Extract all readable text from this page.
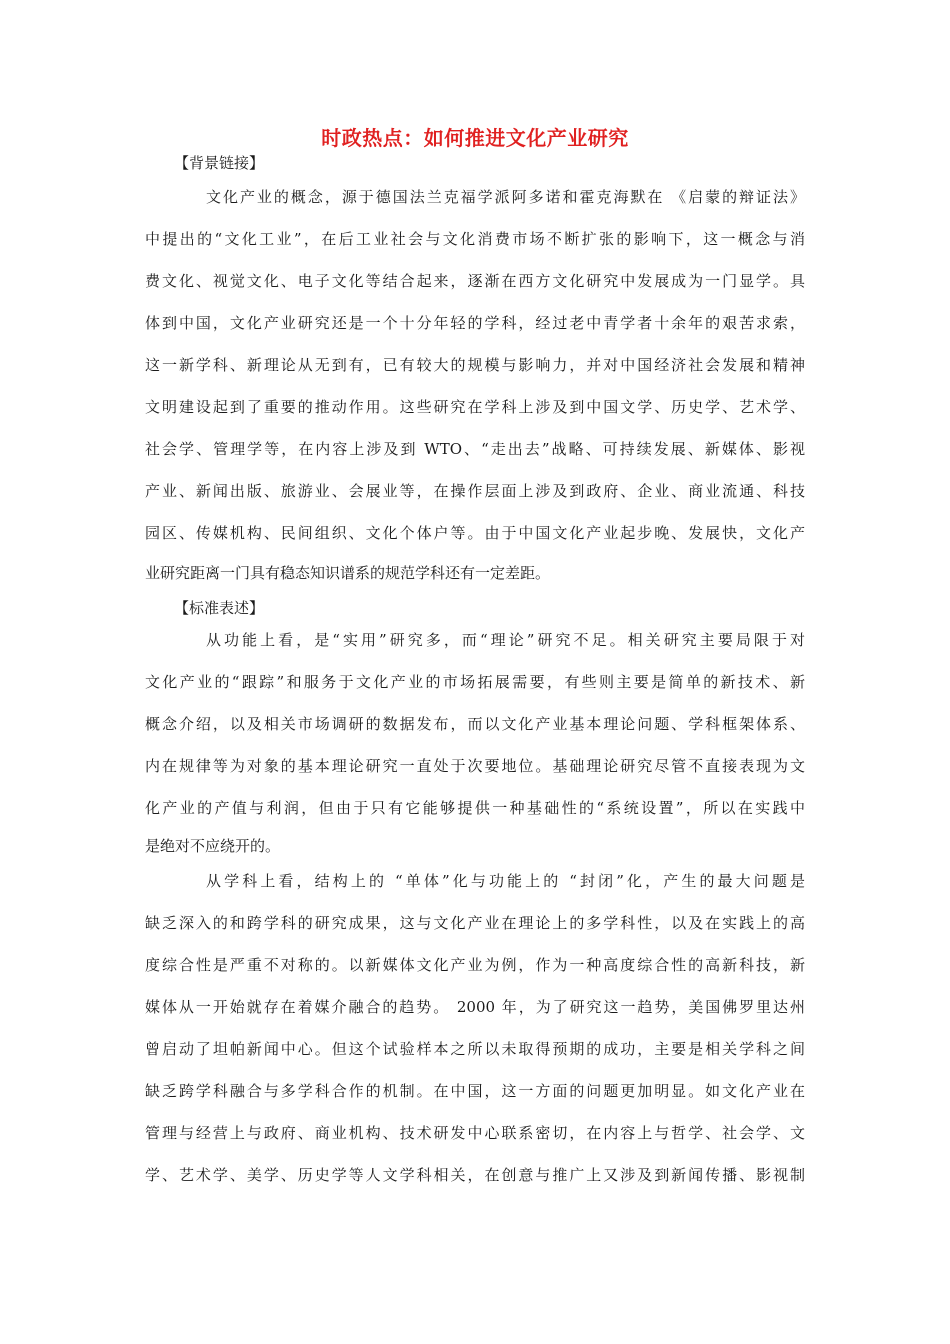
时政热点：如何推进文化产业研究
【背景链接】
文化产业的概念，源于德国法兰克福学派阿多诺和霍克海默在 《启蒙的辩证法》
中提出的“文化工业”，在后工业社会与文化消费市场不断扩张的影响下，这一概念与消
费文化、视觉文化、电子文化等结合起来，逐渐在西方文化研究中发展成为一门显学。具
体到中国，文化产业研究还是一个十分年轻的学科，经过老中青学者十余年的艰苦求索，
这一新学科、新理论从无到有，已有较大的规模与影响力，并对中国经济社会发展和精神
文明建设起到了重要的推动作用。这些研究在学科上涉及到中国文学、历史学、艺术学、
社会学、管理学等，在内容上涉及到 WTO、“走出去”战略、可持续发展、新媒体、影视
产业、新闻出版、旅游业、会展业等，在操作层面上涉及到政府、企业、商业流通、科技
园区、传媒机构、民间组织、文化个体户等。由于中国文化产业起步晚、发展快，文化产
业研究距离一门具有稳态知识谱系的规范学科还有一定差距。
【标准表述】
从功能上看，是“实用”研究多，而“理论”研究不足。相关研究主要局限于对
文化产业的“跟踪”和服务于文化产业的市场拓展需要，有些则主要是简单的新技术、新
概念介绍，以及相关市场调研的数据发布，而以文化产业基本理论问题、学科框架体系、
内在规律等为对象的基本理论研究一直处于次要地位。基础理论研究尽管不直接表现为文
化产业的产值与利润，但由于只有它能够提供一种基础性的“系统设置”，所以在实践中
是绝对不应绕开的。
从学科上看，结构上的 “单体”化与功能上的 “封闭”化，产生的最大问题是
缺乏深入的和跨学科的研究成果，这与文化产业在理论上的多学科性，以及在实践上的高
度综合性是严重不对称的。以新媒体文化产业为例，作为一种高度综合性的高新科技，新
媒体从一开始就存在着媒介融合的趋势。 2000 年，为了研究这一趋势，美国佛罗里达州
曾启动了坦帕新闻中心。但这个试验样本之所以未取得预期的成功，主要是相关学科之间
缺乏跨学科融合与多学科合作的机制。在中国，这一方面的问题更加明显。如文化产业在
管理与经营上与政府、商业机构、技术研发中心联系密切，在内容上与哲学、社会学、文
学、艺术学、美学、历史学等人文学科相关，在创意与推广上又涉及到新闻传播、影视制
